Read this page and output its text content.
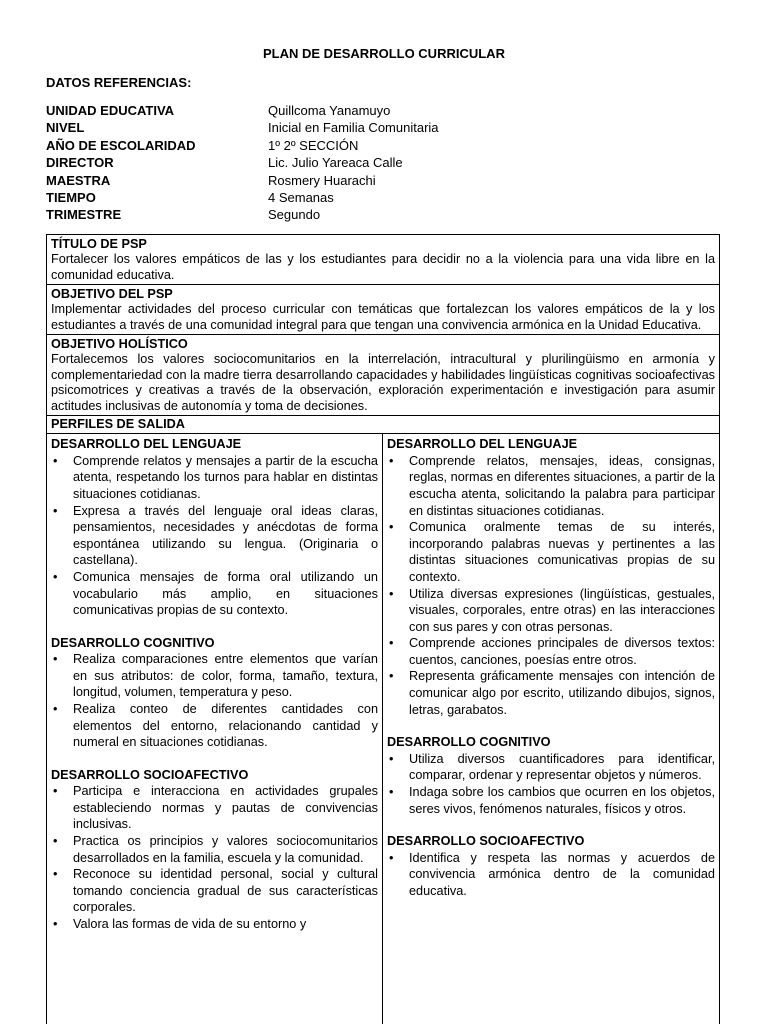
PLAN DE DESARROLLO CURRICULAR
DATOS REFERENCIAS:
UNIDAD EDUCATIVA	Quillcoma Yanamuyo
NIVEL	Inicial en Familia Comunitaria
AÑO DE ESCOLARIDAD	1º 2º SECCIÓN
DIRECTOR	Lic. Julio Yareaca Calle
MAESTRA	Rosmery Huarachi
TIEMPO	4 Semanas
TRIMESTRE	Segundo
TÍTULO DE PSP
Fortalecer los valores empáticos de las y los estudiantes para decidir no a la violencia para una vida libre en la comunidad educativa.
OBJETIVO DEL PSP
Implementar actividades del proceso curricular con temáticas que fortalezcan los valores empáticos de la y los estudiantes a través de una comunidad integral para que tengan una convivencia armónica en la Unidad Educativa.
OBJETIVO HOLÍSTICO
Fortalecemos los valores sociocomunitarios en la interrelación, intracultural y plurilingüismo en armonía y complementariedad con la madre tierra desarrollando capacidades y habilidades lingüísticas cognitivas socioafectivas psicomotrices y creativas a través de la observación, exploración experimentación e investigación para asumir actitudes inclusivas de autonomía y toma de decisiones.
PERFILES DE SALIDA
DESARROLLO DEL LENGUAJE
• Comprende relatos y mensajes a partir de la escucha atenta, respetando los turnos para hablar en distintas situaciones cotidianas.
• Expresa a través del lenguaje oral ideas claras, pensamientos, necesidades y anécdotas de forma espontánea utilizando su lengua. (Originaria o castellana).
• Comunica mensajes de forma oral utilizando un vocabulario más amplio, en situaciones comunicativas propias de su contexto.
DESARROLLO COGNITIVO
• Realiza comparaciones entre elementos que varían en sus atributos: de color, forma, tamaño, textura, longitud, volumen, temperatura y peso.
• Realiza conteo de diferentes cantidades con elementos del entorno, relacionando cantidad y numeral en situaciones cotidianas.
DESARROLLO SOCIOAFECTIVO
• Participa e interacciona en actividades grupales estableciendo normas y pautas de convivencias inclusivas.
• Practica os principios y valores sociocomunitarios desarrollados en la familia, escuela y la comunidad.
• Reconoce su identidad personal, social y cultural tomando conciencia gradual de sus características corporales.
• Valora las formas de vida de su entorno y
DESARROLLO DEL LENGUAJE
• Comprende relatos, mensajes, ideas, consignas, reglas, normas en diferentes situaciones, a partir de la escucha atenta, solicitando la palabra para participar en distintas situaciones cotidianas.
• Comunica oralmente temas de su interés, incorporando palabras nuevas y pertinentes a las distintas situaciones comunicativas propias de su contexto.
• Utiliza diversas expresiones (lingüísticas, gestuales, visuales, corporales, entre otras) en las interacciones con sus pares y con otras personas.
• Comprende acciones principales de diversos textos: cuentos, canciones, poesías entre otros.
• Representa gráficamente mensajes con intención de comunicar algo por escrito, utilizando dibujos, signos, letras, garabatos.
DESARROLLO COGNITIVO
• Utiliza diversos cuantificadores para identificar, comparar, ordenar y representar objetos y números.
• Indaga sobre los cambios que ocurren en los objetos, seres vivos, fenómenos naturales, físicos y otros.
DESARROLLO SOCIOAFECTIVO
• Identifica y respeta las normas y acuerdos de convivencia armónica dentro de la comunidad educativa.
